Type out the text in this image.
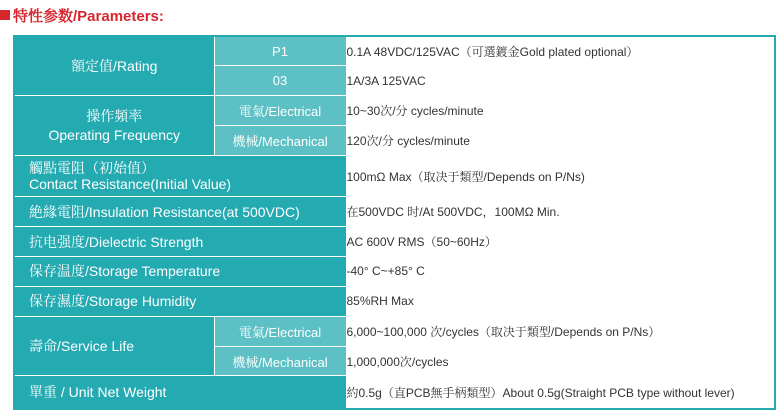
特性参数/Parameters:
額定值/Rating	P1	0.1A 48VDC/125VAC（可選鍍金Gold plated optional）
	03	1A/3A 125VAC

操作頻率
Operating Frequency	電氣/Electrical	10~30次/分 cycles/minute
	機械/Mechanical	120次/分 cycles/minute

觸點電阻（初始值）
Contact Resistance(Initial Value)		100mΩ Max（取决于類型/Depends on P/Ns)
絶緣電阻/Insulation Resistance(at 500VDC)		在500VDC 时/At 500VDC，100MΩ Min.
抗电强度/Dielectric Strength		AC 600V RMS（50~60Hz）
保存温度/Storage Temperature		-40° C~+85° C
保存濕度/Storage Humidity		85%RH Max
壽命/Service Life	電氣/Electrical	6,000~100,000 次/cycles（取决于類型/Depends on P/Ns）
	機械/Mechanical	1,000,000次/cycles
單重 / Unit Net Weight		約0.5g（直PCB無手柄類型）About 0.5g(Straight PCB type without lever)
